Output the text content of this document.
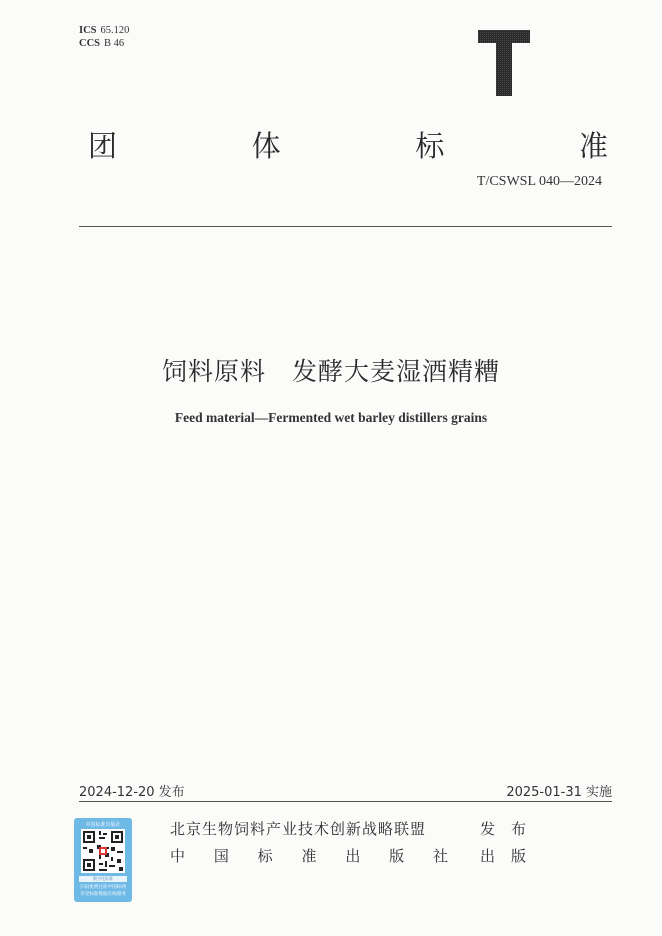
ICS 65.120
CCS B 46
团	体	标	准
T/CSWSL 040—2024
饲料原料 发酵大麦湿酒精糟
Feed material—Fermented wet barley distillers grains
2024-12-20 发布	2025-01-31 实施
中国标准出版社
数字化标准
扫码免费注册中国标网
享受标准数据在线服务
北京生物饲料产业技术创新战略联盟	发 布
中 国 标 准 出 版 社 出 版
